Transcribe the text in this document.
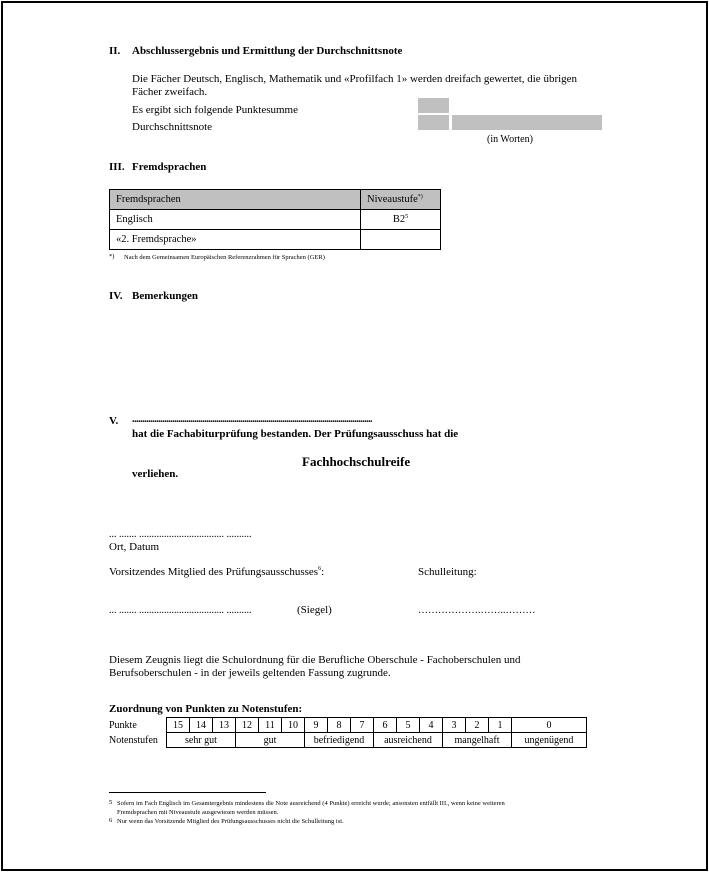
II. Abschlussergebnis und Ermittlung der Durchschnittsnote
Die Fächer Deutsch, Englisch, Mathematik und «Profilfach 1» werden dreifach gewertet, die übrigen
Fächer zweifach.
Es ergibt sich folgende Punktesumme
Durchschnittsnote
(in Worten)
III. Fremdsprachen
Fremdsprachen	Niveaustufe*)
Englisch	$B2^5$
«2. Fremdsprache»	
*) Nach dem Gemeinsamen Europäischen Referenzrahmen für Sprachen (GER)
IV. Bemerkungen
V. ........................................................................................................................
hat die Fachabiturprüfung bestanden. Der Prüfungsausschuss hat die
Fachhochschulreife
verliehen.
... ....... .................................. ..........
Ort, Datum
Vorsitzendes Mitglied des Prüfungsausschusses$^6$:	Schulleitung:
... ....... .................................. ..........	(Siegel)	……………….……..………
Diesem Zeugnis liegt die Schulordnung für die Berufliche Oberschule - Fachoberschulen und
Berufsoberschulen - in der jeweils geltenden Fassung zugrunde.
Zuordnung von Punkten zu Notenstufen:
Punkte	15	14	13	12	11	10	9	8	7	6	5	4	3	2	1	0
Notenstufen	sehr gut			gut			befriedigend			ausreichend			mangelhaft			ungenügend
5 Sofern im Fach Englisch im Gesamtergebnis mindestens die Note ausreichend (4 Punkte) erreicht wurde; ansonsten entfällt III., wenn keine weiteren
Fremdsprachen mit Niveaustufe ausgewiesen werden müssen.
6 Nur wenn das Vorsitzende Mitglied des Prüfungsausschusses nicht die Schulleitung ist.
